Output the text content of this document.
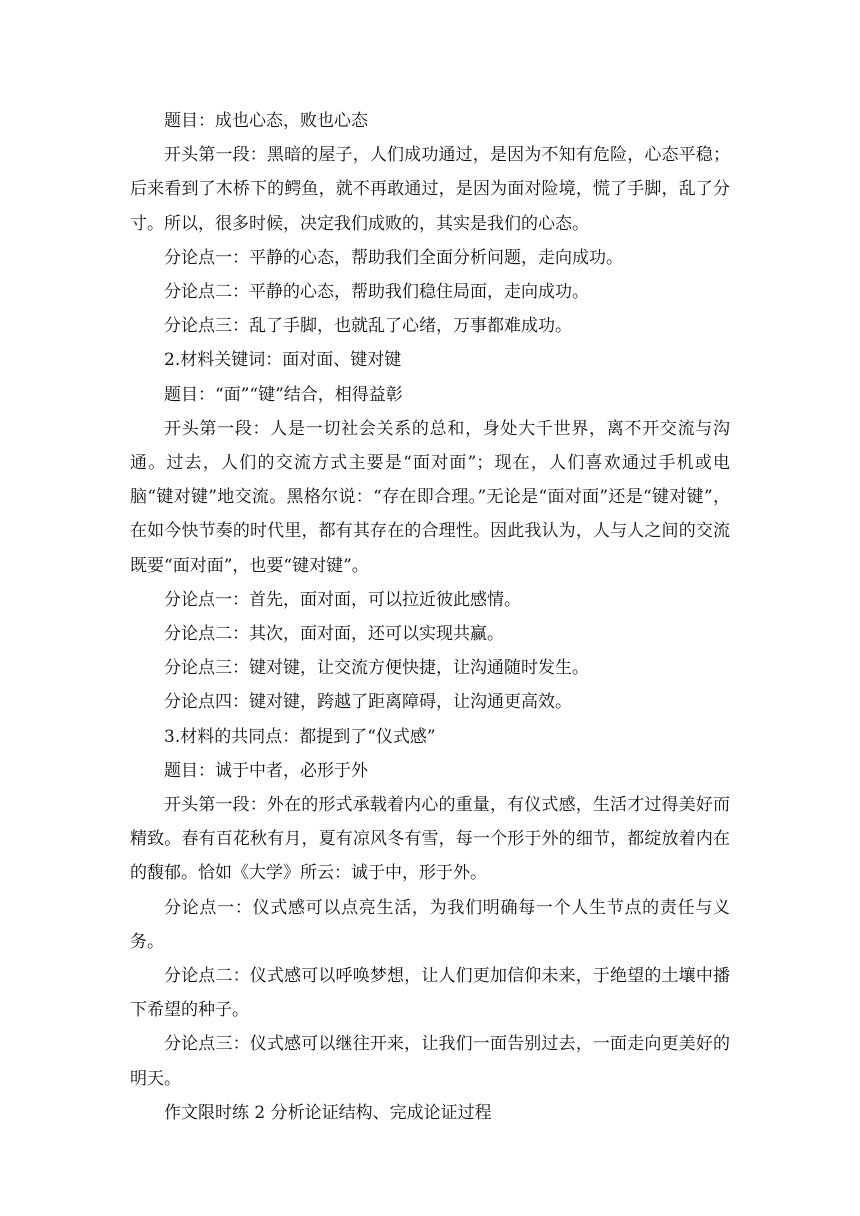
题目：成也心态，败也心态

开头第一段：黑暗的屋子，人们成功通过，是因为不知有危险，心态平稳；后来看到了木桥下的鳄鱼，就不再敢通过，是因为面对险境，慌了手脚，乱了分寸。所以，很多时候，决定我们成败的，其实是我们的心态。

分论点一：平静的心态，帮助我们全面分析问题，走向成功。

分论点二：平静的心态，帮助我们稳住局面，走向成功。

分论点三：乱了手脚，也就乱了心绪，万事都难成功。

2.材料关键词：面对面、键对键

题目：“面”“键”结合，相得益彰

开头第一段：人是一切社会关系的总和，身处大千世界，离不开交流与沟通。过去，人们的交流方式主要是“面对面”；现在，人们喜欢通过手机或电脑“键对键”地交流。黑格尔说：“存在即合理。”无论是“面对面”还是“键对键”，在如今快节奏的时代里，都有其存在的合理性。因此我认为，人与人之间的交流既要“面对面”，也要“键对键”。

分论点一：首先，面对面，可以拉近彼此感情。

分论点二：其次，面对面，还可以实现共赢。

分论点三：键对键，让交流方便快捷，让沟通随时发生。

分论点四：键对键，跨越了距离障碍，让沟通更高效。

3.材料的共同点：都提到了“仪式感”

题目：诚于中者，必形于外

开头第一段：外在的形式承载着内心的重量，有仪式感，生活才过得美好而精致。春有百花秋有月，夏有凉风冬有雪，每一个形于外的细节，都绽放着内在的馥郁。恰如《大学》所云：诚于中，形于外。

分论点一：仪式感可以点亮生活，为我们明确每一个人生节点的责任与义务。

分论点二：仪式感可以呼唤梦想，让人们更加信仰未来，于绝望的土壤中播下希望的种子。

分论点三：仪式感可以继往开来，让我们一面告别过去，一面走向更美好的明天。

作文限时练 2 分析论证结构、完成论证过程
